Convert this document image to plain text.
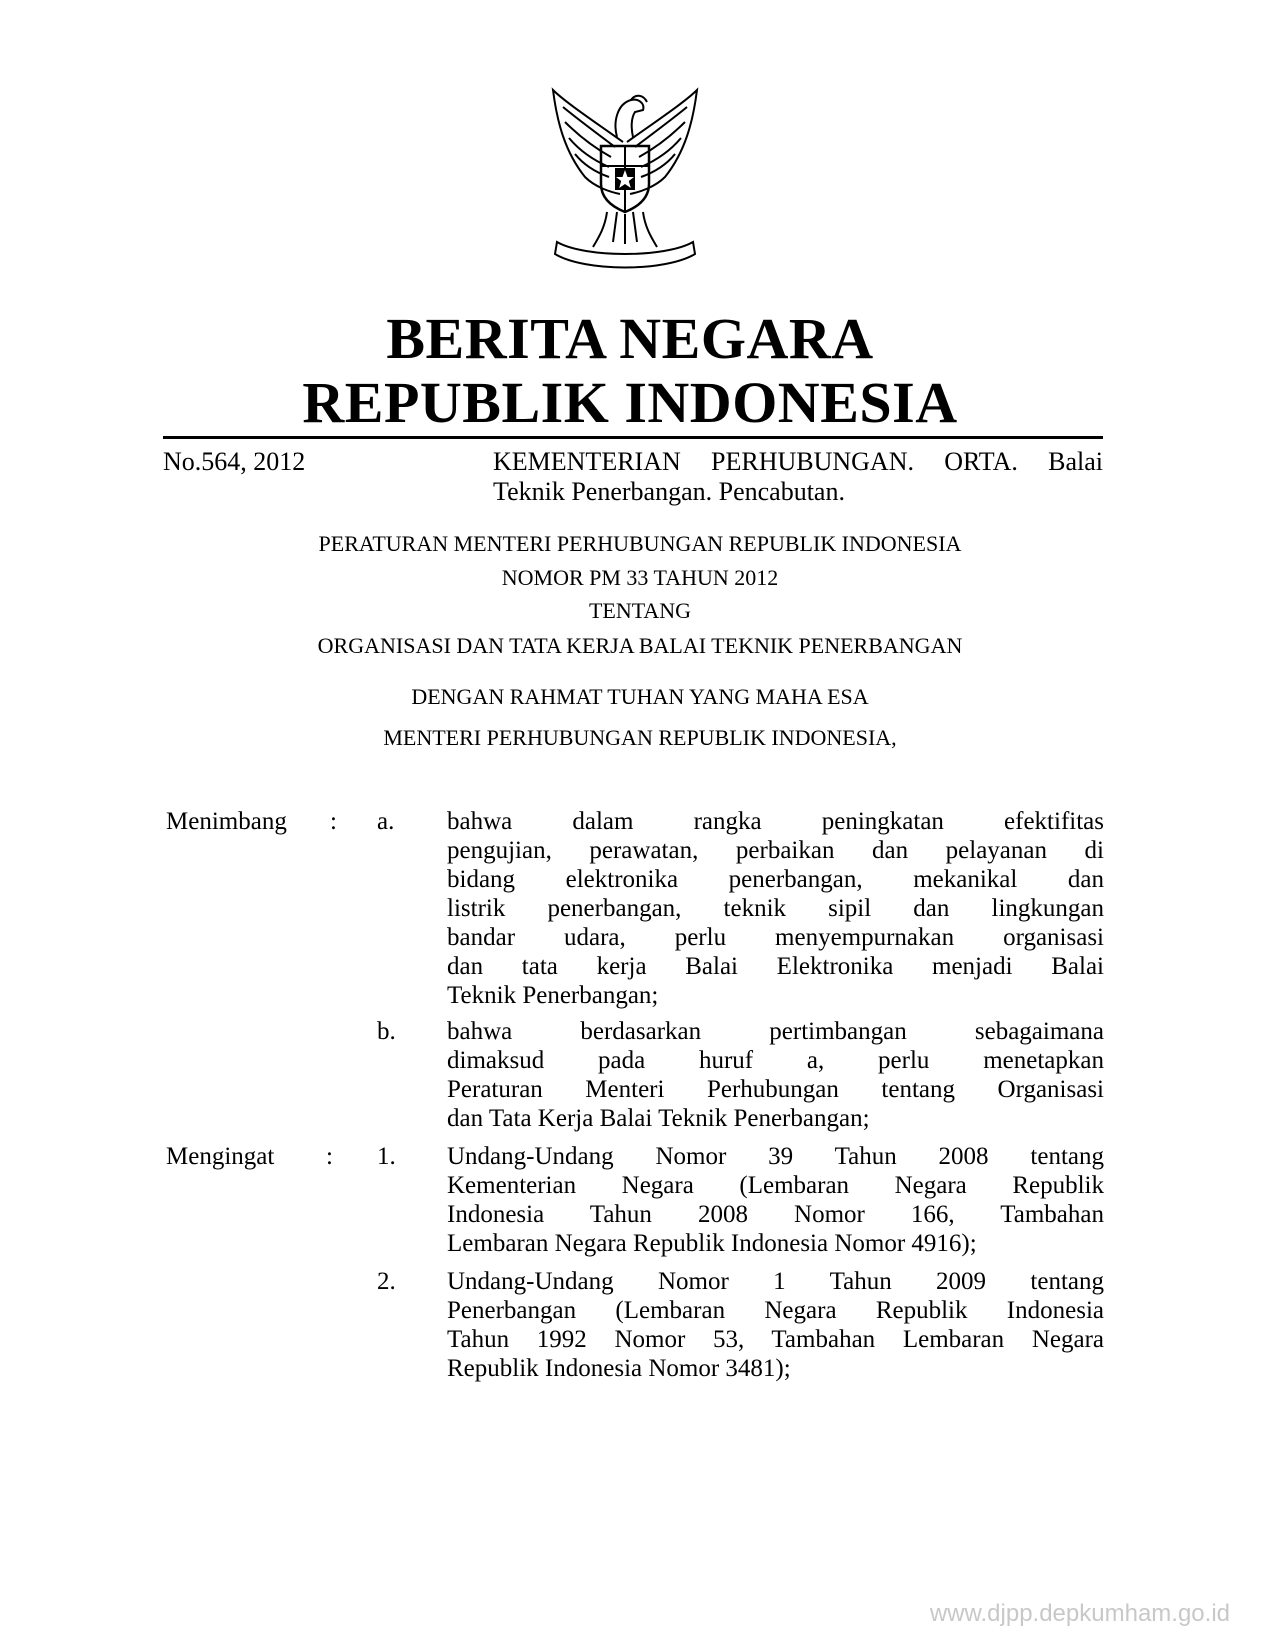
BERITA NEGARA
REPUBLIK INDONESIA
No.564, 2012	KEMENTERIAN PERHUBUNGAN. ORTA. Balai
Teknik Penerbangan. Pencabutan.
PERATURAN MENTERI PERHUBUNGAN REPUBLIK INDONESIA
NOMOR PM 33 TAHUN 2012
TENTANG
ORGANISASI DAN TATA KERJA BALAI TEKNIK PENERBANGAN
DENGAN RAHMAT TUHAN YANG MAHA ESA
MENTERI PERHUBUNGAN REPUBLIK INDONESIA,
Menimbang : a. bahwa dalam rangka peningkatan efektifitas
pengujian, perawatan, perbaikan dan pelayanan di
bidang elektronika penerbangan, mekanikal dan
listrik penerbangan, teknik sipil dan lingkungan
bandar udara, perlu menyempurnakan organisasi
dan tata kerja Balai Elektronika menjadi Balai
Teknik Penerbangan;
b. bahwa berdasarkan pertimbangan sebagaimana
dimaksud pada huruf a, perlu menetapkan
Peraturan Menteri Perhubungan tentang Organisasi
dan Tata Kerja Balai Teknik Penerbangan;
Mengingat : 1. Undang-Undang Nomor 39 Tahun 2008 tentang
Kementerian Negara (Lembaran Negara Republik
Indonesia Tahun 2008 Nomor 166, Tambahan
Lembaran Negara Republik Indonesia Nomor 4916);
2. Undang-Undang Nomor 1 Tahun 2009 tentang
Penerbangan (Lembaran Negara Republik Indonesia
Tahun 1992 Nomor 53, Tambahan Lembaran Negara
Republik Indonesia Nomor 3481);
www.djpp.depkumham.go.id
